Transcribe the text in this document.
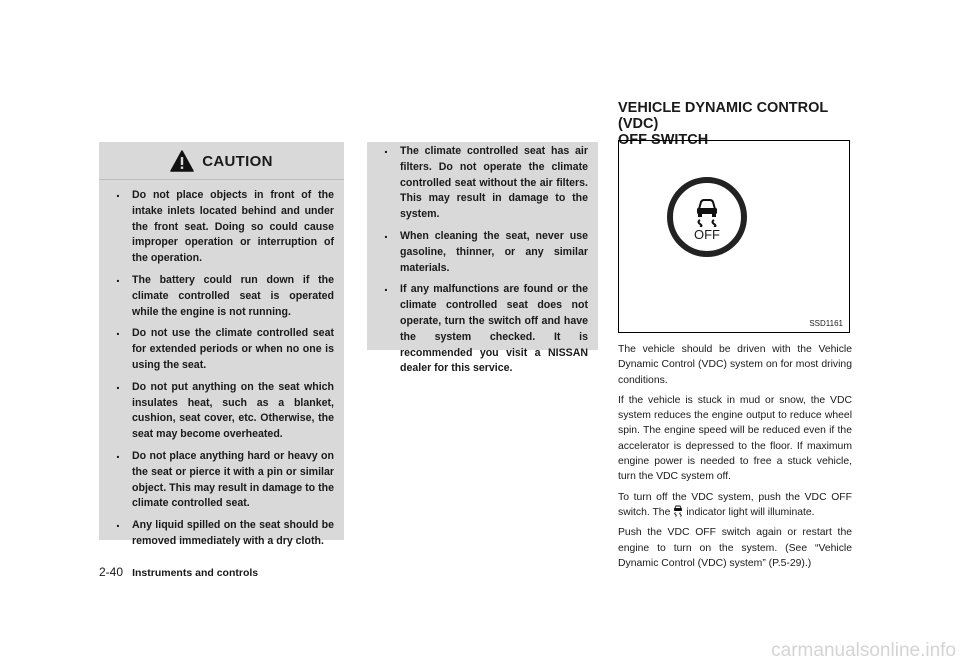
CAUTION
. Do not place objects in front of the intake inlets located behind and under the front seat. Doing so could cause improper operation or interruption of the operation.
. The battery could run down if the climate controlled seat is operated while the engine is not running.
. Do not use the climate controlled seat for extended periods or when no one is using the seat.
. Do not put anything on the seat which insulates heat, such as a blanket, cushion, seat cover, etc. Otherwise, the seat may become overheated.
. Do not place anything hard or heavy on the seat or pierce it with a pin or similar object. This may result in damage to the climate controlled seat.
. Any liquid spilled on the seat should be removed immediately with a dry cloth.
. The climate controlled seat has air filters. Do not operate the climate controlled seat without the air filters. This may result in damage to the system.
. When cleaning the seat, never use gasoline, thinner, or any similar materials.
. If any malfunctions are found or the climate controlled seat does not operate, turn the switch off and have the system checked. It is recommended you visit a NISSAN dealer for this service.
VEHICLE DYNAMIC CONTROL (VDC)
OFF SWITCH
OFF
SSD1161

The vehicle should be driven with the Vehicle Dynamic Control (VDC) system on for most driving conditions.

If the vehicle is stuck in mud or snow, the VDC system reduces the engine output to reduce wheel spin. The engine speed will be reduced even if the accelerator is depressed to the floor. If maximum engine power is needed to free a stuck vehicle, turn the VDC system off.

To turn off the VDC system, push the VDC OFF switch. The indicator light will illuminate.

Push the VDC OFF switch again or restart the engine to turn on the system. (See “Vehicle Dynamic Control (VDC) system” (P.5-29).)

2-40 Instruments and controls
carmanualsonline.info
